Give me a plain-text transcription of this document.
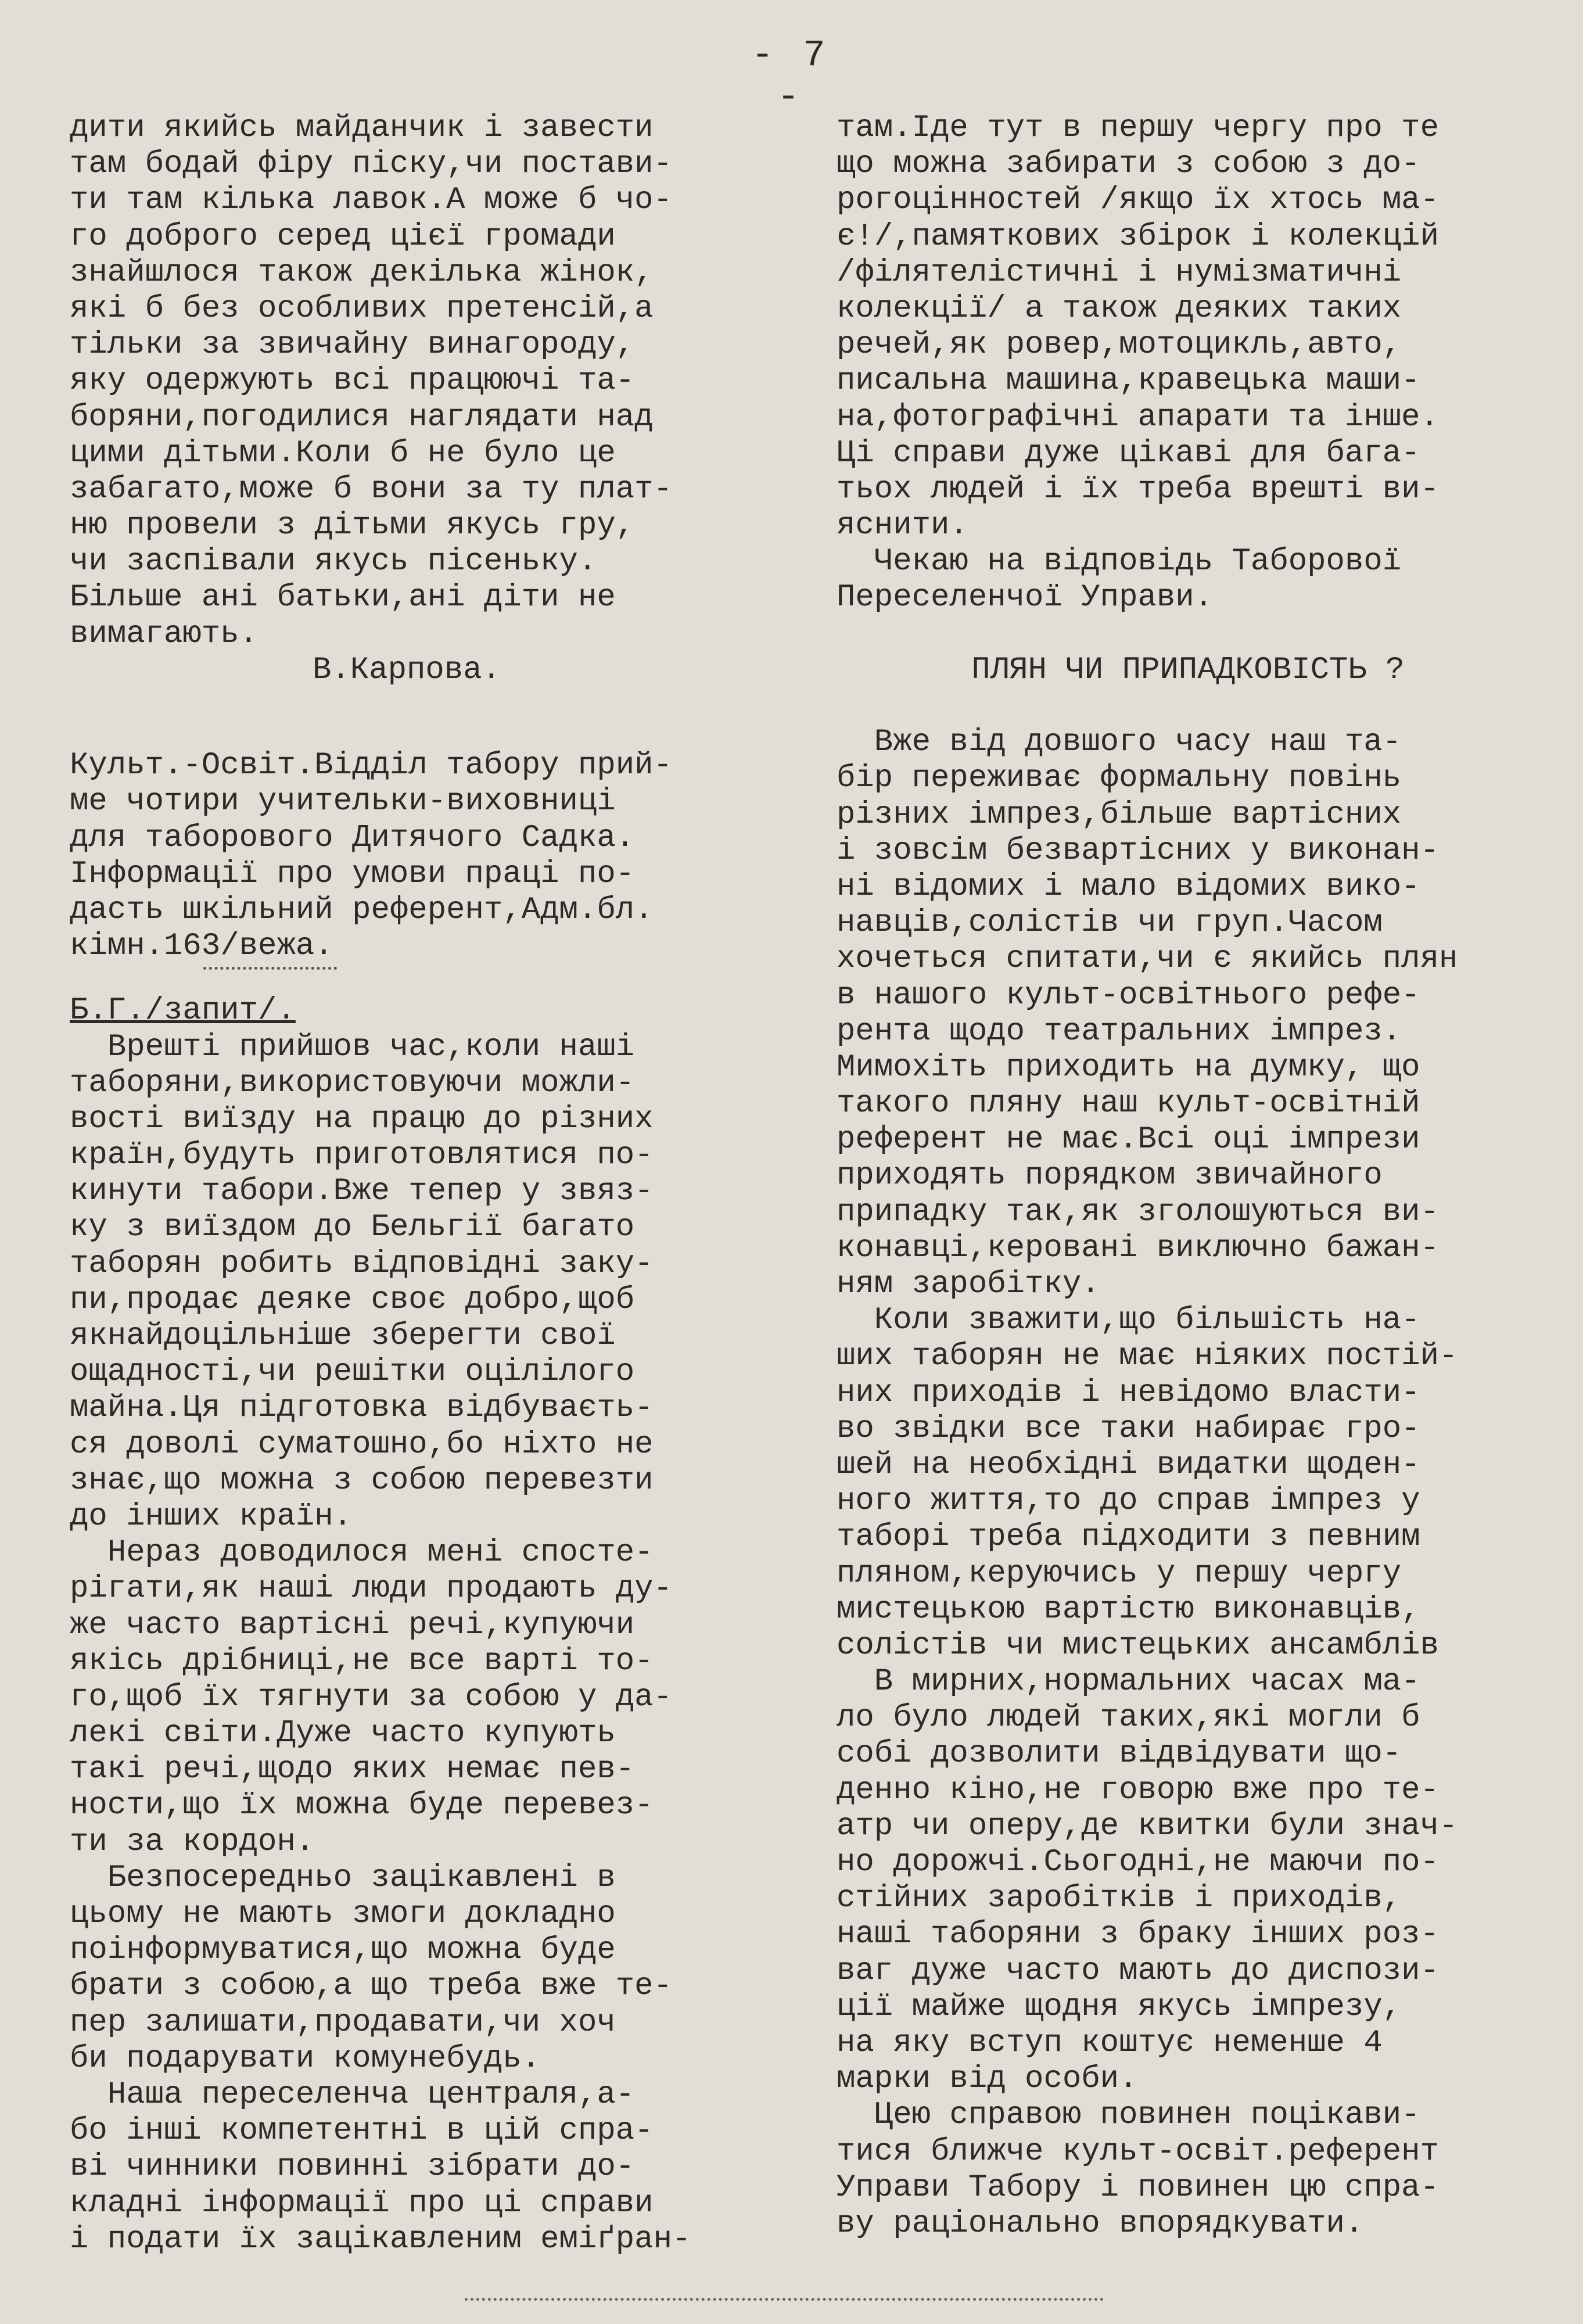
- 7 -
дити якийсь майданчик і завести
там бодай фіру піску,чи постави-
ти там кілька лавок.А може б чо-
го доброго серед цієї громади
знайшлося також декілька жінок,
які б без особливих претенсій,а
тільки за звичайну винагороду,
яку одержують всі працюючі та-
боряни,погодилися наглядати над
цими дітьми.Коли б не було це
забагато,може б вони за ту плат-
ню провели з дітьми якусь гру,
чи заспівали якусь пісеньку.
Більше ані батьки,ані діти не
вимагають.
В.Карпова.
Культ.-Освіт.Відділ табору прий-
ме чотири учительки-виховниці
для таборового Дитячого Садка.
Інформації про умови праці по-
дасть шкільний референт,Адм.бл.
кімн.163/вежа.
Б.Г./запит/.
Врешті прийшов час,коли наші
таборяни,використовуючи можли-
вості виїзду на працю до різних
країн,будуть приготовлятися по-
кинути табори.Вже тепер у звяз-
ку з виїздом до Бельгії багато
таборян робить відповідні заку-
пи,продає деяке своє добро,щоб
якнайдоцільніше зберегти свої
ощадності,чи решітки оцілілого
майна.Ця підготовка відбуваєть-
ся доволі суматошно,бо ніхто не
знає,що можна з собою перевезти
до інших країн.
Нераз доводилося мені спосте-
рігати,як наші люди продають ду-
же часто вартісні речі,купуючи
якісь дрібниці,не все варті то-
го,щоб їх тягнути за собою у да-
лекі світи.Дуже часто купують
такі речі,щодо яких немає пев-
ности,що їх можна буде перевез-
ти за кордон.
Безпосередньо зацікавлені в
цьому не мають змоги докладно
поінформуватися,що можна буде
брати з собою,а що треба вже те-
пер залишати,продавати,чи хоч
би подарувати комунебудь.
Наша переселенча централя,а-
бо інші компетентні в цій спра-
ві чинники повинні зібрати до-
кладні інформації про ці справи
і подати їх зацікавленим еміґран-
там.Іде тут в першу чергу про те
що можна забирати з собою з до-
рогоцінностей /якщо їх хтось ма-
є!/,памяткових збірок і колекцій
/філятелістичні і нумізматичні
колекції/ а також деяких таких
речей,як ровер,мотоцикль,авто,
писальна машина,кравецька маши-
на,фотографічні апарати та інше.
Ці справи дуже цікаві для бага-
тьох людей і їх треба врешті ви-
яснити.
Чекаю на відповідь Таборової
Переселенчої Управи.
ПЛЯН ЧИ ПРИПАДКОВІСТЬ ?
Вже від довшого часу наш та-
бір переживає формальну повінь
різних імпрез,більше вартісних
і зовсім безвартісних у виконан-
ні відомих і мало відомих вико-
навців,солістів чи груп.Часом
хочеться спитати,чи є якийсь плян
в нашого культ-освітнього рефе-
рента щодо театральних імпрез.
Мимохіть приходить на думку, що
такого пляну наш культ-освітній
референт не має.Всі оці імпрези
приходять порядком звичайного
припадку так,як зголошуються ви-
конавці,керовані виключно бажан-
ням заробітку.
Коли зважити,що більшість на-
ших таборян не має ніяких постій-
них приходів і невідомо власти-
во звідки все таки набирає гро-
шей на необхідні видатки щоден-
ного життя,то до справ імпрез у
таборі треба підходити з певним
пляном,керуючись у першу чергу
мистецькою вартістю виконавців,
солістів чи мистецьких ансамблів
В мирних,нормальних часах ма-
ло було людей таких,які могли б
собі дозволити відвідувати що-
денно кіно,не говорю вже про те-
атр чи оперу,де квитки були знач-
но дорожчі.Сьогодні,не маючи по-
стійних заробітків і приходів,
наші таборяни з браку інших роз-
ваг дуже часто мають до диспози-
ції майже щодня якусь імпрезу,
на яку вступ коштує неменше 4
марки від особи.
Цею справою повинен поцікави-
тися ближче культ-освіт.референт
Управи Табору і повинен цю спра-
ву раціонально впорядкувати.
